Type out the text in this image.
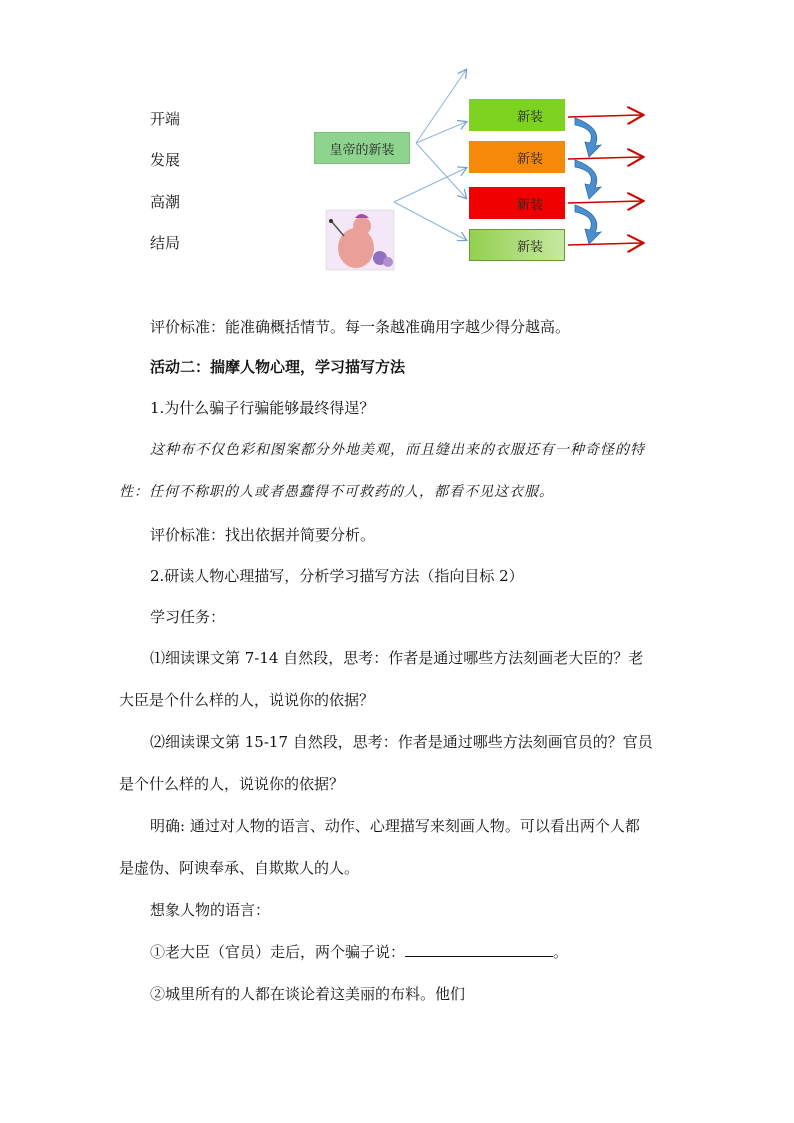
开端
发展
高潮
结局
皇帝的新装
新装
新装
新装
新装
评价标准：能准确概括情节。每一条越准确用字越少得分越高。
活动二：揣摩人物心理，学习描写方法
1.为什么骗子行骗能够最终得逞？
这种布不仅色彩和图案都分外地美观，而且缝出来的衣服还有一种奇怪的特
性：任何不称职的人或者愚蠢得不可救药的人，都看不见这衣服。
评价标准：找出依据并简要分析。
2.研读人物心理描写，分析学习描写方法（指向目标 2）
学习任务：
⑴细读课文第 7-14 自然段，思考：作者是通过哪些方法刻画老大臣的？老
大臣是个什么样的人，说说你的依据？
⑵细读课文第 15-17 自然段，思考：作者是通过哪些方法刻画官员的？官员
是个什么样的人，说说你的依据？
明确: 通过对人物的语言、动作、心理描写来刻画人物。可以看出两个人都
是虚伪、阿谀奉承、自欺欺人的人。
想象人物的语言：
①老大臣（官员）走后，两个骗子说：	。
②城里所有的人都在谈论着这美丽的布料。他们
